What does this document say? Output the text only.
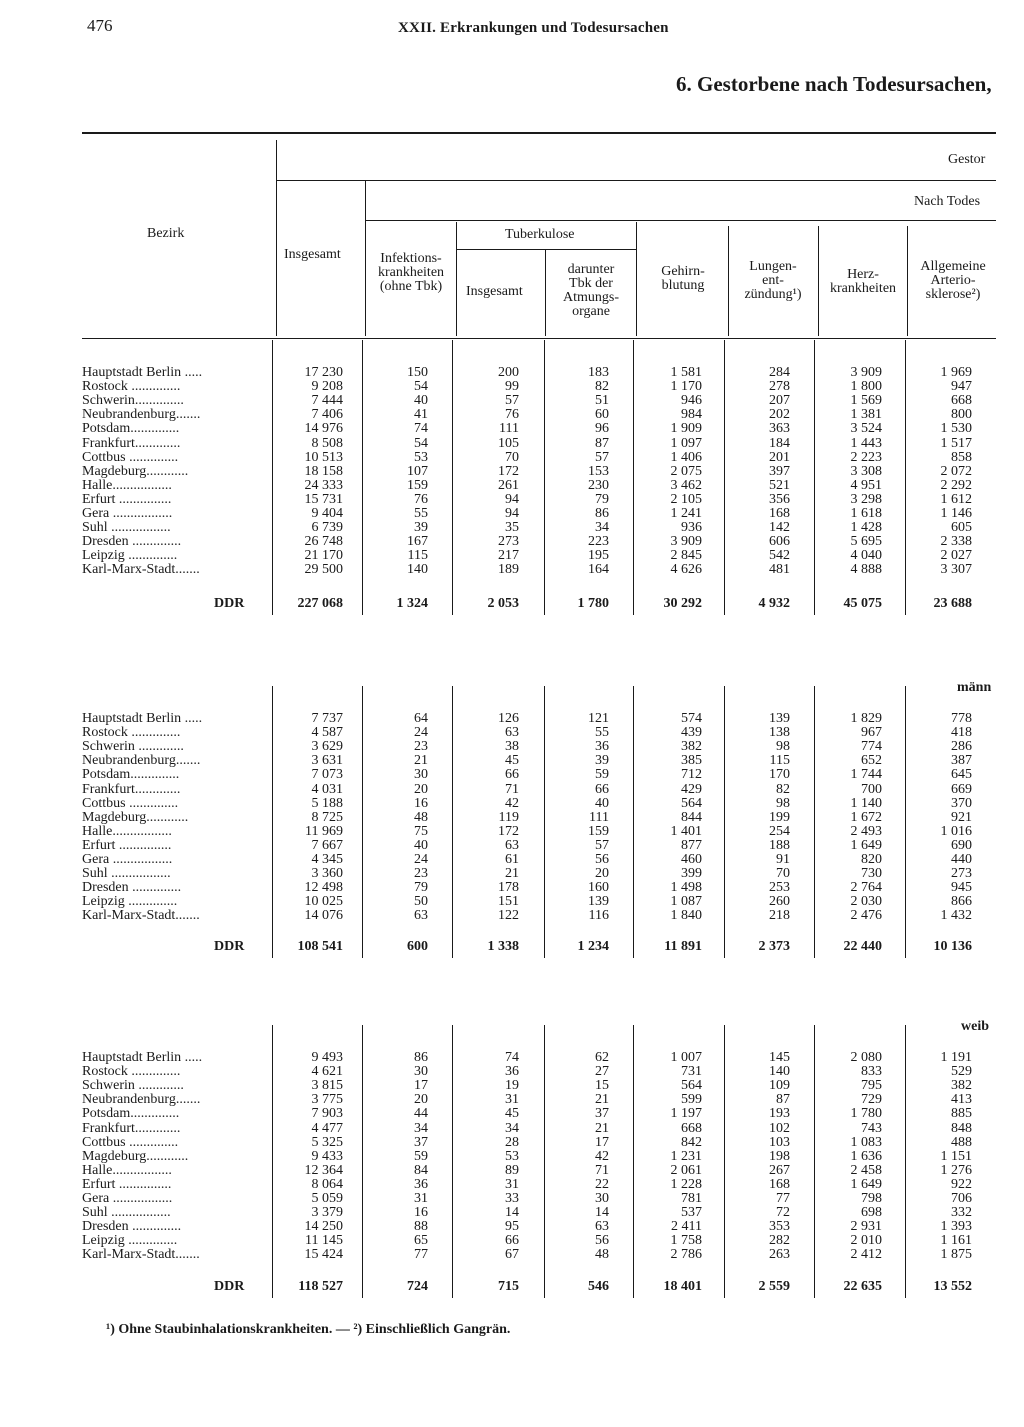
476	XXII. Erkrankungen und Todesursachen
6. Gestorbene nach Todesursachen,
Bezirk
Gestor
Nach Todes
Insgesamt	Infektions-
krankheiten
(ohne Tbk)
Tuberkulose
Insgesamt
darunter
Tbk der
Atmungs-
organe
Gehirn-
blutung
Lungen-
ent-
zündung¹)
Herz-
krankheiten
Allgemeine
Arterio-
sklerose²)
männ
weib
Hauptstadt Berlin .....	17 230	150	200	183	1 581	284	3 909	1 969
Rostock ..............	9 208	54	99	82	1 170	278	1 800	947
Schwerin..............	7 444	40	57	51	946	207	1 569	668
Neubrandenburg.......	7 406	41	76	60	984	202	1 381	800
Potsdam..............	14 976	74	111	96	1 909	363	3 524	1 530
Frankfurt.............	8 508	54	105	87	1 097	184	1 443	1 517
Cottbus ..............	10 513	53	70	57	1 406	201	2 223	858
Magdeburg............	18 158	107	172	153	2 075	397	3 308	2 072
Halle.................	24 333	159	261	230	3 462	521	4 951	2 292
Erfurt ...............	15 731	76	94	79	2 105	356	3 298	1 612
Gera .................	9 404	55	94	86	1 241	168	1 618	1 146
Suhl .................	6 739	39	35	34	936	142	1 428	605
Dresden ..............	26 748	167	273	223	3 909	606	5 695	2 338
Leipzig ..............	21 170	115	217	195	2 845	542	4 040	2 027
Karl-Marx-Stadt.......	29 500	140	189	164	4 626	481	4 888	3 307
DDR	227 068	1 324	2 053	1 780	30 292	4 932	45 075	23 688
Hauptstadt Berlin .....	7 737	64	126	121	574	139	1 829	778
Rostock ..............	4 587	24	63	55	439	138	967	418
Schwerin .............	3 629	23	38	36	382	98	774	286
Neubrandenburg.......	3 631	21	45	39	385	115	652	387
Potsdam..............	7 073	30	66	59	712	170	1 744	645
Frankfurt.............	4 031	20	71	66	429	82	700	669
Cottbus ..............	5 188	16	42	40	564	98	1 140	370
Magdeburg............	8 725	48	119	111	844	199	1 672	921
Halle.................	11 969	75	172	159	1 401	254	2 493	1 016
Erfurt ...............	7 667	40	63	57	877	188	1 649	690
Gera .................	4 345	24	61	56	460	91	820	440
Suhl .................	3 360	23	21	20	399	70	730	273
Dresden ..............	12 498	79	178	160	1 498	253	2 764	945
Leipzig ..............	10 025	50	151	139	1 087	260	2 030	866
Karl-Marx-Stadt.......	14 076	63	122	116	1 840	218	2 476	1 432
DDR	108 541	600	1 338	1 234	11 891	2 373	22 440	10 136
Hauptstadt Berlin .....	9 493	86	74	62	1 007	145	2 080	1 191
Rostock ..............	4 621	30	36	27	731	140	833	529
Schwerin .............	3 815	17	19	15	564	109	795	382
Neubrandenburg.......	3 775	20	31	21	599	87	729	413
Potsdam..............	7 903	44	45	37	1 197	193	1 780	885
Frankfurt.............	4 477	34	34	21	668	102	743	848
Cottbus ..............	5 325	37	28	17	842	103	1 083	488
Magdeburg............	9 433	59	53	42	1 231	198	1 636	1 151
Halle.................	12 364	84	89	71	2 061	267	2 458	1 276
Erfurt ...............	8 064	36	31	22	1 228	168	1 649	922
Gera .................	5 059	31	33	30	781	77	798	706
Suhl .................	3 379	16	14	14	537	72	698	332
Dresden ..............	14 250	88	95	63	2 411	353	2 931	1 393
Leipzig ..............	11 145	65	66	56	1 758	282	2 010	1 161
Karl-Marx-Stadt.......	15 424	77	67	48	2 786	263	2 412	1 875
DDR	118 527	724	715	546	18 401	2 559	22 635	13 552
¹) Ohne Staubinhalationskrankheiten. — ²) Einschließlich Gangrän.
